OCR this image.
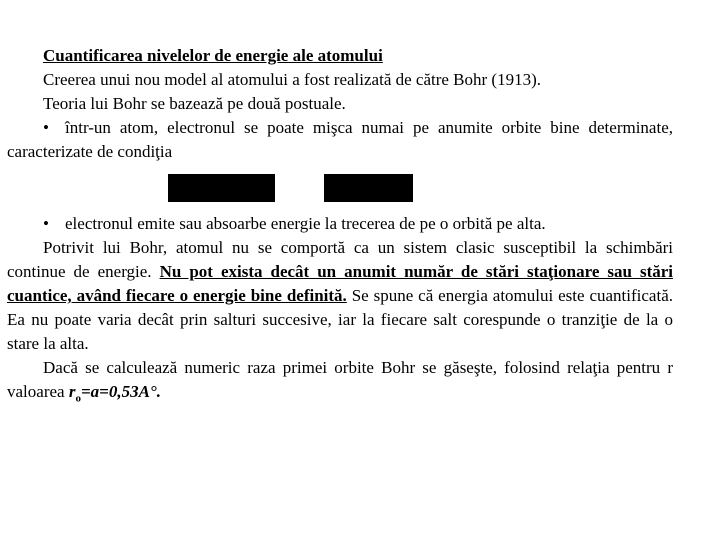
Cuantificarea nivelelor de energie ale atomului

Creerea unui nou model al atomului a fost realizată de către Bohr (1913).

Teoria lui Bohr se bazează pe două postuale.

• într-un atom, electronul se poate mişca numai pe anumite orbite bine determinate, caracterizate de condiţia

• electronul emite sau absoarbe energie la trecerea de pe o orbită pe alta.

Potrivit lui Bohr, atomul nu se comportă ca un sistem clasic susceptibil la schimbări continue de energie. Nu pot exista decât un anumit număr de stări staţionare sau stări cuantice, având fiecare o energie bine definită. Se spune că energia atomului este cuantificată. Ea nu poate varia decât prin salturi succesive, iar la fiecare salt corespunde o tranziţie de la o stare la alta.

Dacă se calculează numeric raza primei orbite Bohr se găseşte, folosind relaţia pentru r valoarea $r_o=a=0,53A^\circ$.
